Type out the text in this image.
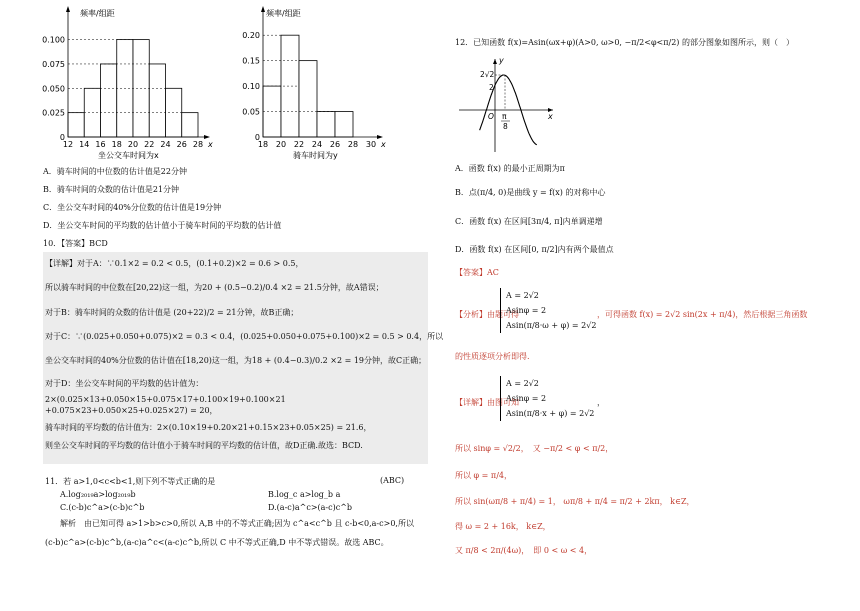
0.100
0.075
0.050
0.025
12 14 16 18 20 22 24 26 28
0
x
频率/组距
坐公交车时间为x
0.20
0.15
0.10
0.05
18 20 22 24 26 28 30
0
x
频率/组距
骑车时间为y
A．骑车时间的中位数的估计值是22分钟
B．骑车时间的众数的估计值是21分钟
C．坐公交车时间的40%分位数的估计值是19分钟
D．坐公交车时间的平均数的估计值小于骑车时间的平均数的估计值
10．【答案】BCD
【详解】对于A：∵0.1×2 = 0.2 < 0.5，(0.1+0.2)×2 = 0.6 > 0.5，
所以骑车时间的中位数在[20,22)这一组，为20 + (0.5−0.2)/0.4 ×2 = 21.5分钟，故A错误；
对于B：骑车时间的众数的估计值是 (20+22)/2 = 21分钟，故B正确；
对于C：∵(0.025+0.050+0.075)×2 = 0.3 < 0.4，(0.025+0.050+0.075+0.100)×2 = 0.5 > 0.4，所以
坐公交车时间的40%分位数的估计值在[18,20)这一组，为18 + (0.4−0.3)/0.2 ×2 = 19分钟，故C正确；
对于D：坐公交车时间的平均数的估计值为：
2×(0.025×13+0.050×15+0.075×17+0.100×19+0.100×21
+0.075×23+0.050×25+0.025×27) = 20，
骑车时间的平均数的估计值为：2×(0.10×19+0.20×21+0.15×23+0.05×25) = 21.6，
则坐公交车时间的平均数的估计值小于骑车时间的平均数的估计值，故D正确.故选：BCD.
11．若 a>1,0<c<b<1,则下列不等式正确的是	(ABC)
A.log₂₀₁₉a>log₂₀₁₉b	B.log_c a>log_b a
C.(c-b)c^a>(c-b)c^b	D.(a-c)a^c>(a-c)c^b
解析　由已知可得 a>1>b>c>0,所以 A,B 中的不等式正确;因为 c^a<c^b 且 c-b<0,a-c>0,所以
(c-b)c^a>(c-b)c^b,(a-c)a^c<(a-c)c^b,所以 C 中不等式正确,D 中不等式错误。故选 ABC。
12．已知函数 f(x)=Asin(ωx+φ)(A>0, ω>0, −π/2<φ<π/2) 的部分图象如图所示，则（　）
y
x
2√2
2
O π
8
A．函数 f(x) 的最小正周期为π
B．点(π/4, 0)是曲线 y = f(x) 的对称中心
C．函数 f(x) 在区间[3π/4, π]内单调递增
D．函数 f(x) 在区间[0, π/2]内有两个最值点
【答案】AC
【分析】由题可得
A = 2√2
Asinφ = 2
Asin(π/8·ω + φ) = 2√2
，可得函数 f(x) = 2√2 sin(2x + π/4)，然后根据三角函数
的性质逐项分析即得.
【详解】由图可知
A = 2√2
Asinφ = 2
Asin(π/8·x + φ) = 2√2
，
所以 sinφ = √2/2，　又 −π/2 < φ < π/2，
所以 φ = π/4，
所以 sin(ωπ/8 + π/4) = 1， ωπ/8 + π/4 = π/2 + 2kπ， k∈Z，
得 ω = 2 + 16k， k∈Z，
又 π/8 < 2π/(4ω)，　即 0 < ω < 4，
